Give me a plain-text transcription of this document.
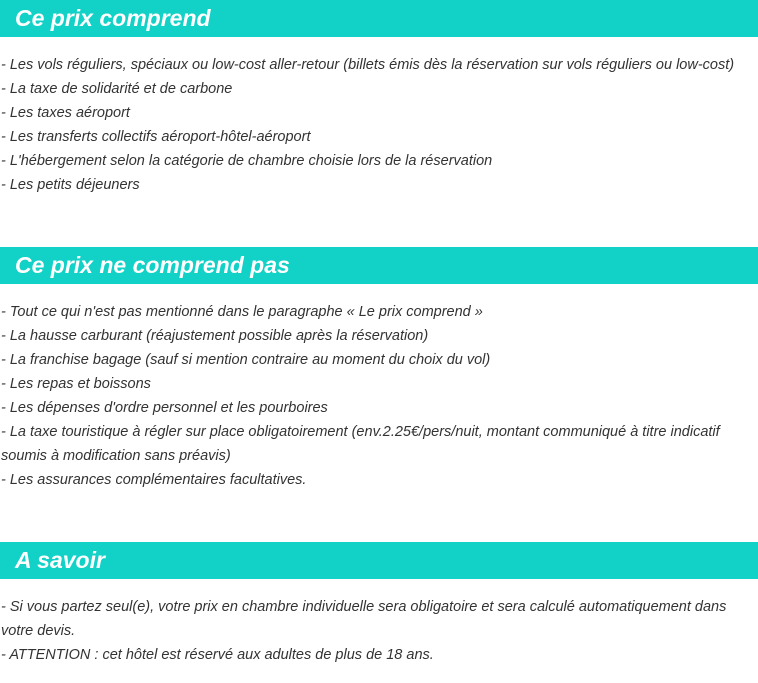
Ce prix comprend
- Les vols réguliers, spéciaux ou low-cost aller-retour (billets émis dès la réservation sur vols réguliers ou low-cost)
- La taxe de solidarité et de carbone
- Les taxes aéroport
- Les transferts collectifs aéroport-hôtel-aéroport
- L'hébergement selon la catégorie de chambre choisie lors de la réservation
- Les petits déjeuners
Ce prix ne comprend pas
- Tout ce qui n'est pas mentionné dans le paragraphe « Le prix comprend »
- La hausse carburant (réajustement possible après la réservation)
- La franchise bagage (sauf si mention contraire au moment du choix du vol)
- Les repas et boissons
- Les dépenses d'ordre personnel et les pourboires
- La taxe touristique à régler sur place obligatoirement (env.2.25€/pers/nuit, montant communiqué à titre indicatif soumis à modification sans préavis)
- Les assurances complémentaires facultatives.
A savoir
- Si vous partez seul(e), votre prix en chambre individuelle sera obligatoire et sera calculé automatiquement dans votre devis.
- ATTENTION : cet hôtel est réservé aux adultes de plus de 18 ans.
